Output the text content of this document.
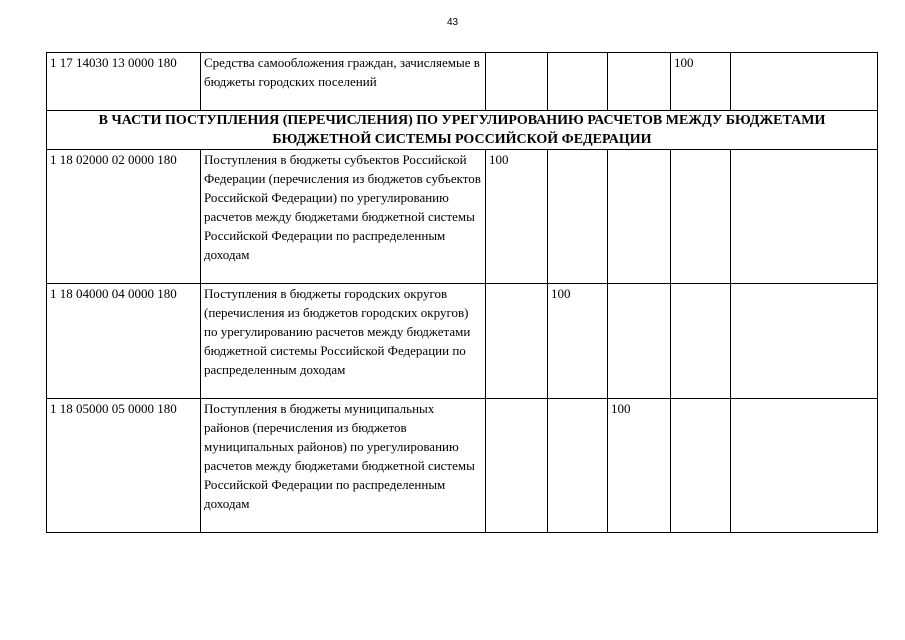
43
1 17 14030 13 0000 180	Средства самообложения граждан, зачисляемые в бюджеты городских поселений				100	
В ЧАСТИ ПОСТУПЛЕНИЯ (ПЕРЕЧИСЛЕНИЯ) ПО УРЕГУЛИРОВАНИЮ РАСЧЕТОВ МЕЖДУ БЮДЖЕТАМИ БЮДЖЕТНОЙ СИСТЕМЫ РОССИЙСКОЙ ФЕДЕРАЦИИ						
1 18 02000 02 0000 180	Поступления в бюджеты субъектов Российской Федерации (перечисления из бюджетов субъектов Российской Федерации) по урегулированию расчетов между бюджетами бюджетной системы Российской Федерации по распределенным доходам	100				
1 18 04000 04 0000 180	Поступления в бюджеты городских округов (перечисления из бюджетов городских округов) по урегулированию расчетов между бюджетами бюджетной системы Российской Федерации по распределенным доходам		100			
1 18 05000 05 0000 180	Поступления в бюджеты муниципальных районов (перечисления из бюджетов муниципальных районов) по урегулированию расчетов между бюджетами бюджетной системы Российской Федерации по распределенным доходам			100		
